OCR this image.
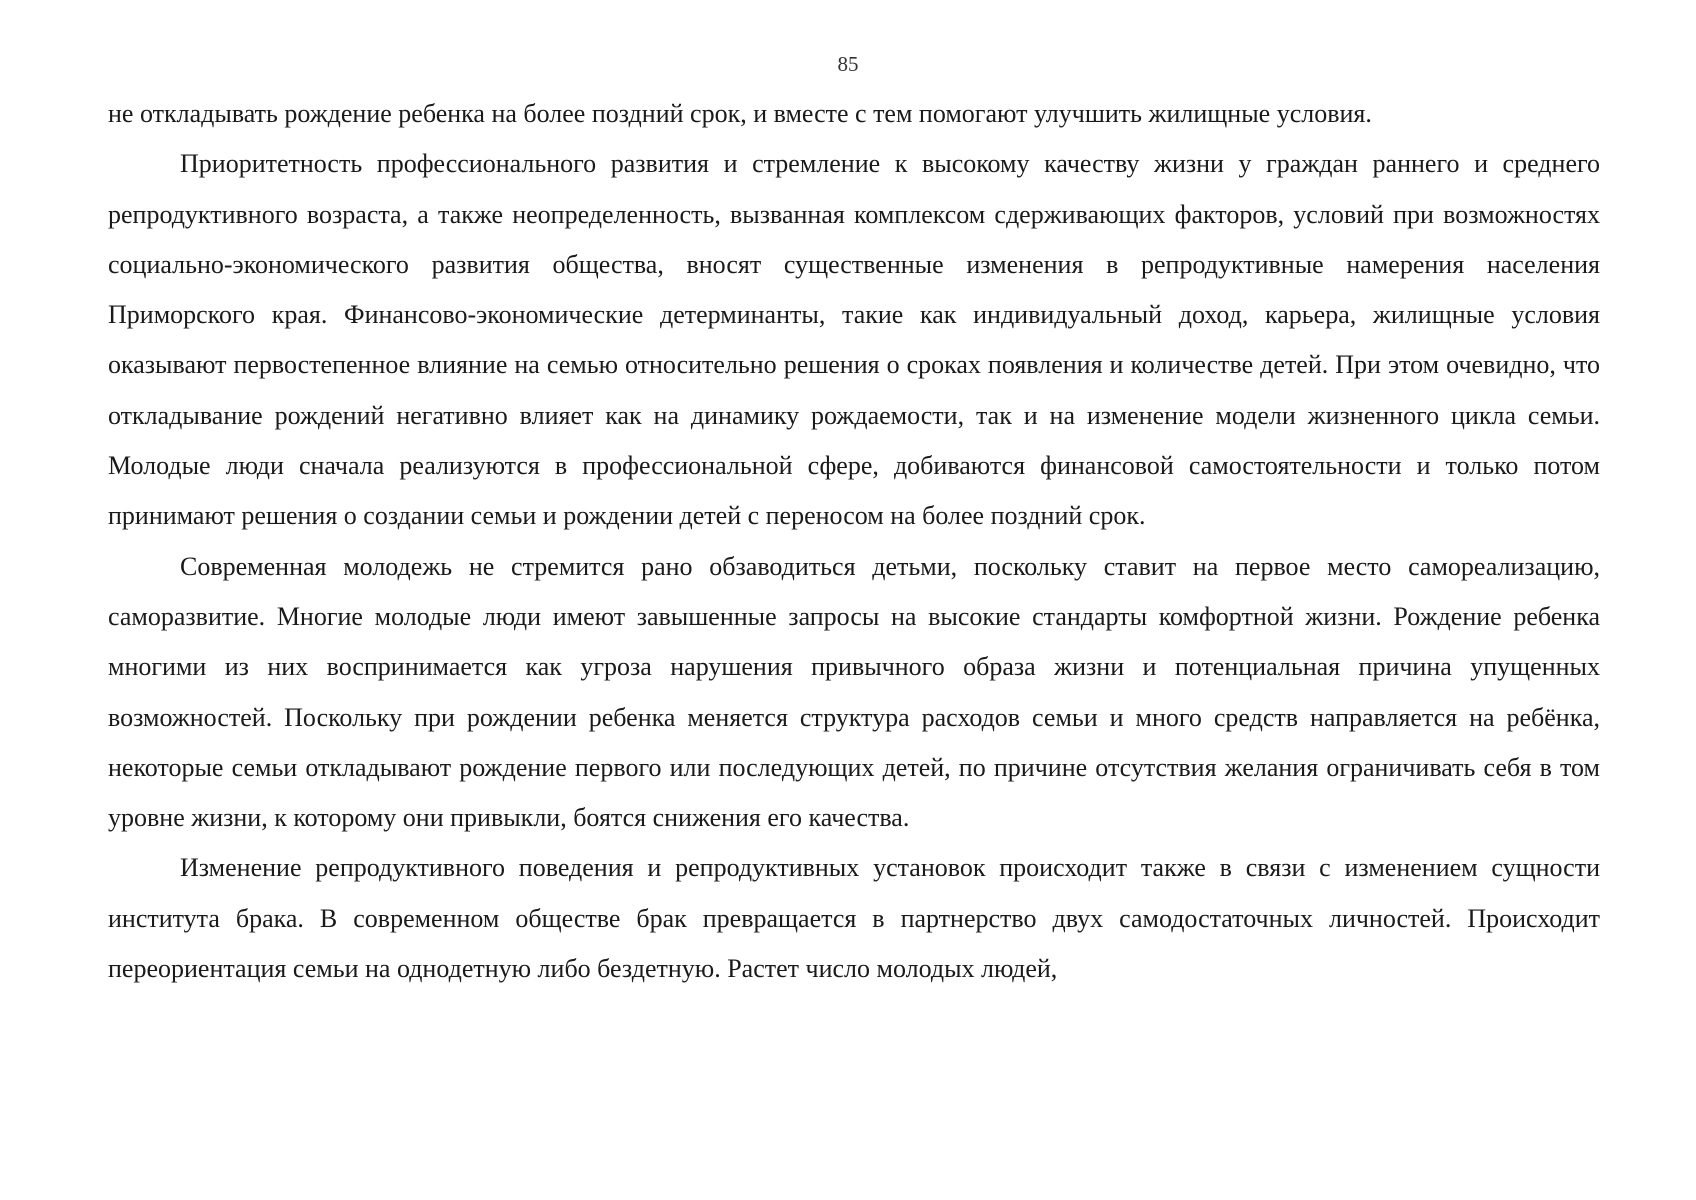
85

не откладывать рождение ребенка на более поздний срок, и вместе с тем помогают улучшить жилищные условия.

Приоритетность профессионального развития и стремление к высокому качеству жизни у граждан раннего и среднего репродуктивного возраста, а также неопределенность, вызванная комплексом сдерживающих факторов, условий при возможностях социально-экономического развития общества, вносят существенные изменения в репродуктивные намерения населения Приморского края. Финансово-экономические детерминанты, такие как индивидуальный доход, карьера, жилищные условия оказывают первостепенное влияние на семью относительно решения о сроках появления и количестве детей. При этом очевидно, что откладывание рождений негативно влияет как на динамику рождаемости, так и на изменение модели жизненного цикла семьи. Молодые люди сначала реализуются в профессиональной сфере, добиваются финансовой самостоятельности и только потом принимают решения о создании семьи и рождении детей с переносом на более поздний срок.

Современная молодежь не стремится рано обзаводиться детьми, поскольку ставит на первое место самореализацию, саморазвитие. Многие молодые люди имеют завышенные запросы на высокие стандарты комфортной жизни. Рождение ребенка многими из них воспринимается как угроза нарушения привычного образа жизни и потенциальная причина упущенных возможностей. Поскольку при рождении ребенка меняется структура расходов семьи и много средств направляется на ребёнка, некоторые семьи откладывают рождение первого или последующих детей, по причине отсутствия желания ограничивать себя в том уровне жизни, к которому они привыкли, боятся снижения его качества.

Изменение репродуктивного поведения и репродуктивных установок происходит также в связи с изменением сущности института брака. В современном обществе брак превращается в партнерство двух самодостаточных личностей. Происходит переориентация семьи на однодетную либо бездетную. Растет число молодых людей,
